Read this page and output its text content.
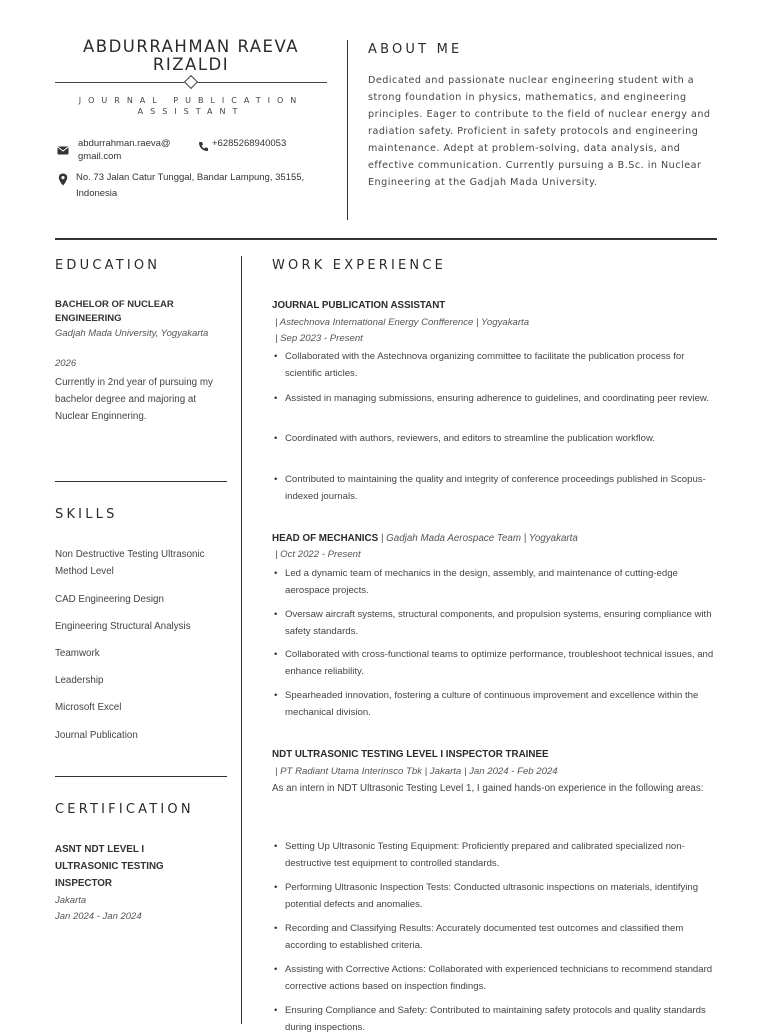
ABDURRAHMAN RAEVA RIZALDI
JOURNAL PUBLICATION ASSISTANT
abdurrahman.raeva@ gmail.com
+6285268940053
No. 73 Jalan Catur Tunggal, Bandar Lampung, 35155, Indonesia
ABOUT ME
Dedicated and passionate nuclear engineering student with a strong foundation in physics, mathematics, and engineering principles. Eager to contribute to the field of nuclear energy and radiation safety. Proficient in safety protocols and engineering maintenance. Adept at problem-solving, data analysis, and effective communication. Currently pursuing a B.Sc. in Nuclear Engineering at the Gadjah Mada University.
EDUCATION
BACHELOR OF NUCLEAR ENGINEERING
Gadjah Mada University, Yogyakarta
2026
Currently in 2nd year of pursuing my bachelor degree and majoring at Nuclear Enginnering.
SKILLS
Non Destructive Testing Ultrasonic Method Level
CAD Engineering Design
Engineering Structural Analysis
Teamwork
Leadership
Microsoft Excel
Journal Publication
CERTIFICATION
ASNT NDT LEVEL I ULTRASONIC TESTING INSPECTOR
Jakarta
Jan 2024 - Jan 2024
WORK EXPERIENCE
JOURNAL PUBLICATION ASSISTANT
| Astechnova International Energy Confference | Yogyakarta
| Sep 2023 - Present
• Collaborated with the Astechnova organizing committee to facilitate the publication process for scientific articles.
• Assisted in managing submissions, ensuring adherence to guidelines, and coordinating peer review.
• Coordinated with authors, reviewers, and editors to streamline the publication workflow.
• Contributed to maintaining the quality and integrity of conference proceedings published in Scopus-indexed journals.
HEAD OF MECHANICS | Gadjah Mada Aerospace Team | Yogyakarta
| Oct 2022 - Present
• Led a dynamic team of mechanics in the design, assembly, and maintenance of cutting-edge aerospace projects.
• Oversaw aircraft systems, structural components, and propulsion systems, ensuring compliance with safety standards.
• Collaborated with cross-functional teams to optimize performance, troubleshoot technical issues, and enhance reliability.
• Spearheaded innovation, fostering a culture of continuous improvement and excellence within the mechanical division.
NDT ULTRASONIC TESTING LEVEL I INSPECTOR TRAINEE
| PT Radiant Utama Interinsco Tbk | Jakarta | Jan 2024 - Feb 2024
As an intern in NDT Ultrasonic Testing Level 1, I gained hands-on experience in the following areas:
• Setting Up Ultrasonic Testing Equipment: Proficiently prepared and calibrated specialized non-destructive test equipment to controlled standards.
• Performing Ultrasonic Inspection Tests: Conducted ultrasonic inspections on materials, identifying potential defects and anomalies.
• Recording and Classifying Results: Accurately documented test outcomes and classified them according to established criteria.
• Assisting with Corrective Actions: Collaborated with experienced technicians to recommend standard corrective actions based on inspection findings.
• Ensuring Compliance and Safety: Contributed to maintaining safety protocols and quality standards during inspections.
